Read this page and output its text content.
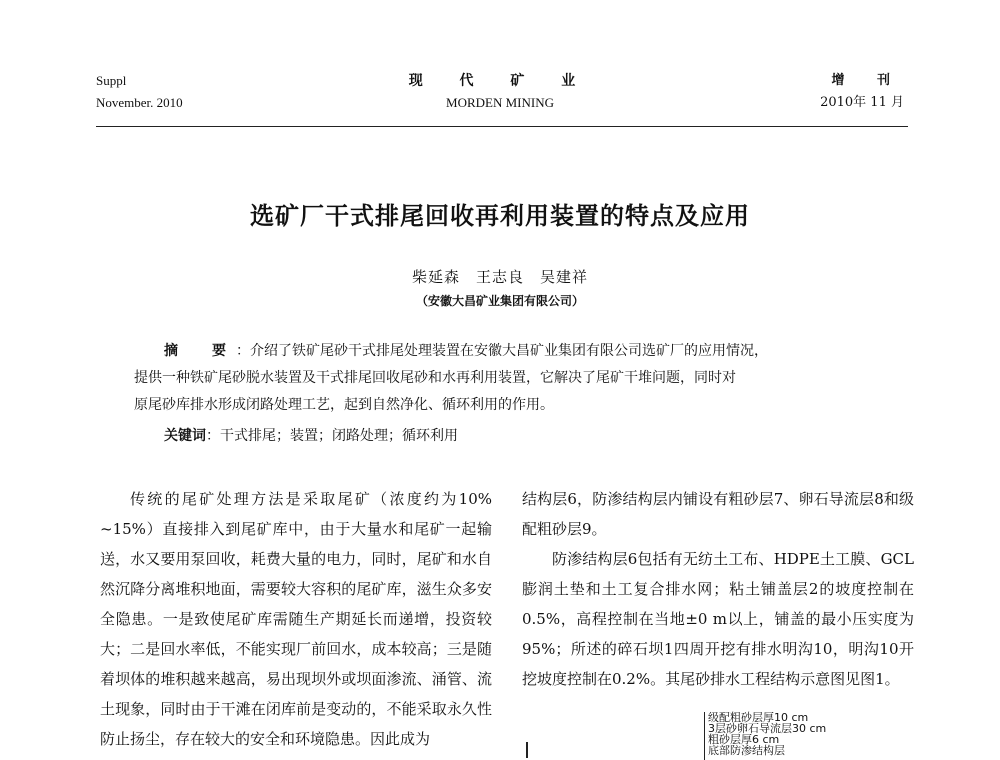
Suppl
November. 2010
现 代 矿 业
MORDEN MINING
增 刊
2010年 11 月
选矿厂干式排尾回收再利用装置的特点及应用
柴延森　王志良　吴建祥
（安徽大昌矿业集团有限公司）
摘　要：介绍了铁矿尾砂干式排尾处理装置在安徽大昌矿业集团有限公司选矿厂的应用情况，
提供一种铁矿尾砂脱水装置及干式排尾回收尾砂和水再利用装置，它解决了尾矿干堆问题，同时对
原尾砂库排水形成闭路处理工艺，起到自然净化、循环利用的作用。
关键词：干式排尾；装置；闭路处理；循环利用

传统的尾矿处理方法是采取尾矿（浓度约为10% ~15%）直接排入到尾矿库中，由于大量水和尾矿一起输送，水又要用泵回收，耗费大量的电力，同时，尾矿和水自然沉降分离堆积地面，需要较大容积的尾矿库，滋生众多安全隐患。一是致使尾矿库需随生产期延长而递增，投资较大；二是回水率低，不能实现厂前回水，成本较高；三是随着坝体的堆积越来越高，易出现坝外或坝面渗流、涌管、流土现象，同时由于干滩在闭库前是变动的，不能采取永久性防止扬尘，存在较大的安全和环境隐患。因此成为

结构层6，防渗结构层内铺设有粗砂层7、卵石导流层8和级配粗砂层9。

防渗结构层6包括有无纺土工布、HDPE土工膜、GCL膨润土垫和土工复合排水网；粘土铺盖层2的坡度控制在0.5%，高程控制在当地±0 m以上，铺盖的最小压实度为95%；所述的碎石坝1四周开挖有排水明沟10，明沟10开挖坡度控制在0.2%。其尾砂排水工程结构示意图见图1。

级配粗砂层厚10 cm
3层砂卵石导流层30 cm
粗砂层厚6 cm
底部防渗结构层
